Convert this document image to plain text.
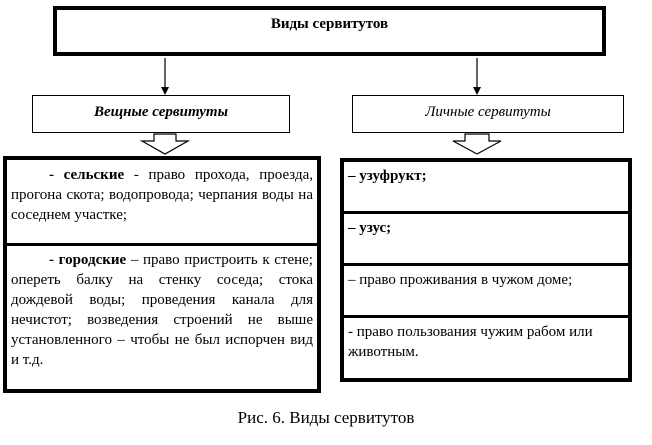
Виды сервитутов
Вещные сервитуты	Личные сервитуты
- сельские - право прохода, проезда, прогона скота; водопровода; черпания воды на соседнем участке;
- городские – право пристроить к стене; опереть балку на стенку соседа; стока дождевой воды; проведения канала для нечистот; возведения строений не выше установленного – чтобы не был испорчен вид и т.д.
– узуфрукт;
– узус;
– право проживания в чужом доме;
- право пользования чужим рабом или животным.
Рис. 6. Виды сервитутов
